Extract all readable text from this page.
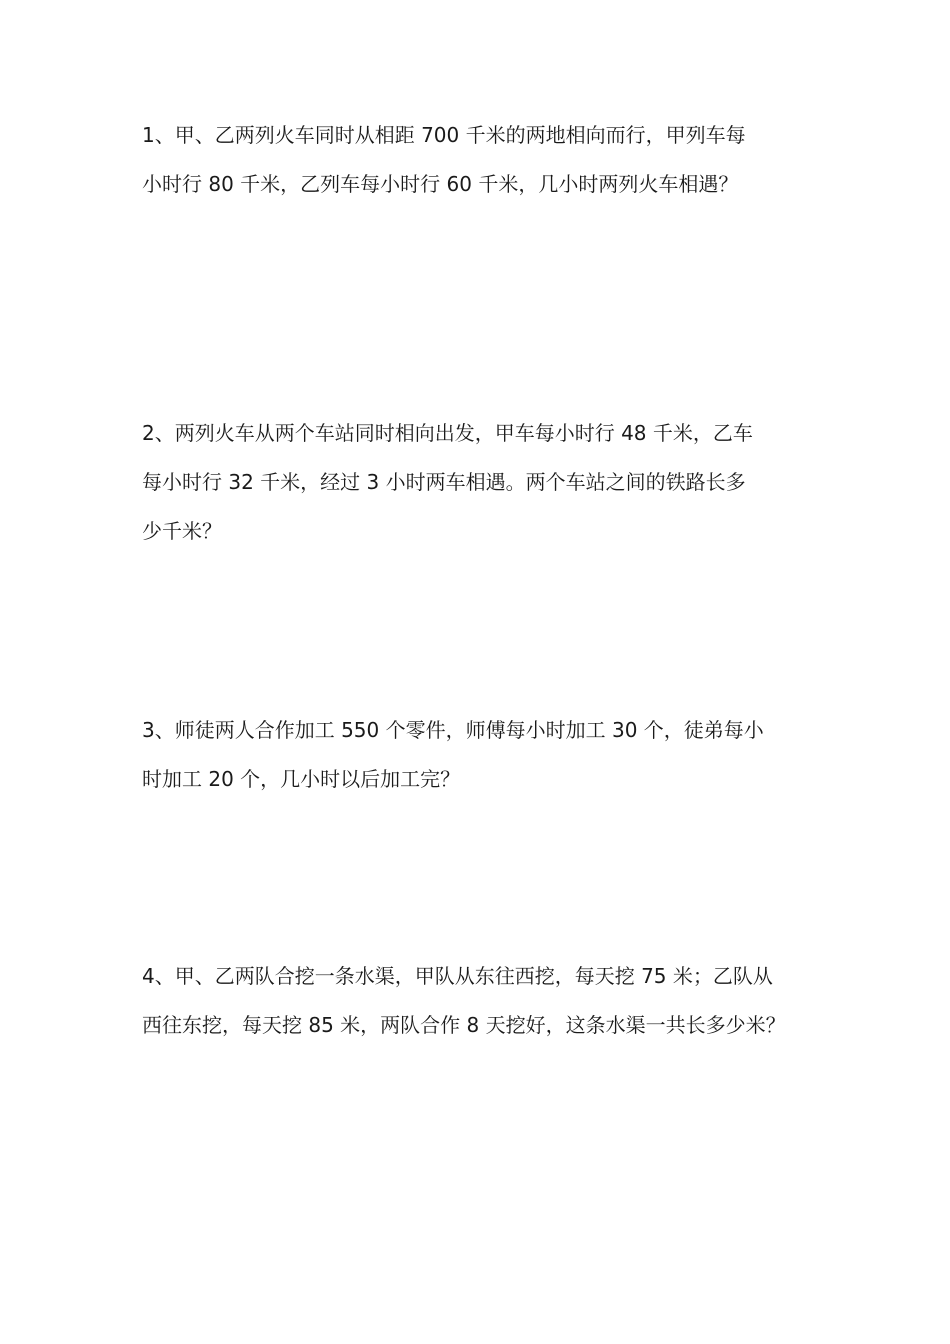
1、甲、乙两列火车同时从相距 700 千米的两地相向而行，甲列车每
小时行 80 千米，乙列车每小时行 60 千米，几小时两列火车相遇？
2、两列火车从两个车站同时相向出发，甲车每小时行 48 千米，乙车
每小时行 32 千米，经过 3 小时两车相遇。两个车站之间的铁路长多
少千米？
3、师徒两人合作加工 550 个零件，师傅每小时加工 30 个，徒弟每小
时加工 20 个，几小时以后加工完？
4、甲、乙两队合挖一条水渠，甲队从东往西挖，每天挖 75 米；乙队从
西往东挖，每天挖 85 米，两队合作 8 天挖好，这条水渠一共长多少米？
